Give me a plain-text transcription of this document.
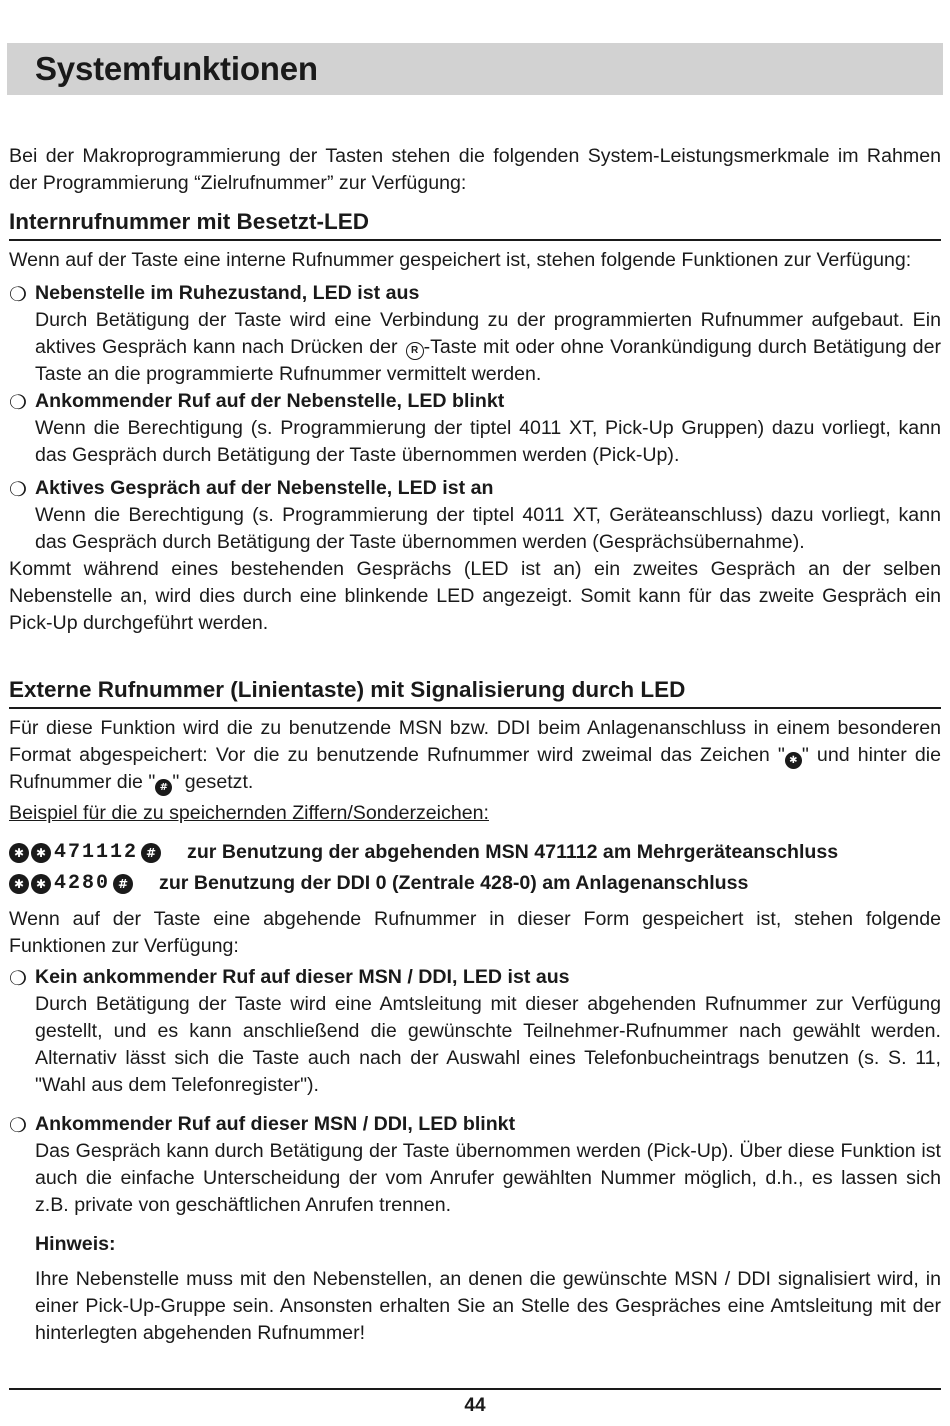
Systemfunktionen

Bei der Makroprogrammierung der Tasten stehen die folgenden System-Leistungsmerkmale im Rahmen der Programmierung “Zielrufnummer” zur Verfügung:

Internrufnummer mit Besetzt-LED

Wenn auf der Taste eine interne Rufnummer gespeichert ist, stehen folgende Funktionen zur Verfügung:

❍ Nebenstelle im Ruhezustand, LED ist aus

Durch Betätigung der Taste wird eine Verbindung zu der programmierten Rufnummer aufgebaut. Ein aktives Gespräch kann nach Drücken der R -Taste mit oder ohne Vorankündigung durch Betätigung der Taste an die programmierte Rufnummer vermittelt werden.

❍ Ankommender Ruf auf der Nebenstelle, LED blinkt

Wenn die Berechtigung (s. Programmierung der tiptel 4011 XT, Pick-Up Gruppen) dazu vorliegt, kann das Gespräch durch Betätigung der Taste übernommen werden (Pick-Up).

❍ Aktives Gespräch auf der Nebenstelle, LED ist an

Wenn die Berechtigung (s. Programmierung der tiptel 4011 XT, Geräteanschluss) dazu vorliegt, kann das Gespräch durch Betätigung der Taste übernommen werden (Gesprächsübernahme).

Kommt während eines bestehenden Gesprächs (LED ist an) ein zweites Gespräch an der selben Nebenstelle an, wird dies durch eine blinkende LED angezeigt. Somit kann für das zweite Gespräch ein Pick-Up durchgeführt werden.

Externe Rufnummer (Linientaste) mit Signalisierung durch LED

Für diese Funktion wird die zu benutzende MSN bzw. DDI beim Anlagenanschluss in einem besonderen Format abgespeichert: Vor die zu benutzende Rufnummer wird zweimal das Zeichen " ✱ " und hinter die Rufnummer die " # " gesetzt.

Beispiel für die zu speichernden Ziffern/Sonderzeichen:

✱ ✱ 471112 # zur Benutzung der abgehenden MSN 471112 am Mehrgeräteanschluss
✱ ✱ 4280 # zur Benutzung der DDI 0 (Zentrale 428-0) am Anlagenanschluss

Wenn auf der Taste eine abgehende Rufnummer in dieser Form gespeichert ist, stehen folgende Funktionen zur Verfügung:

❍ Kein ankommender Ruf auf dieser MSN / DDI, LED ist aus

Durch Betätigung der Taste wird eine Amtsleitung mit dieser abgehenden Rufnummer zur Verfügung gestellt, und es kann anschließend die gewünschte Teilnehmer-Rufnummer nach gewählt werden. Alternativ lässt sich die Taste auch nach der Auswahl eines Telefonbucheintrags benutzen (s. S. 11, "Wahl aus dem Telefonregister").

❍ Ankommender Ruf auf dieser MSN / DDI, LED blinkt

Das Gespräch kann durch Betätigung der Taste übernommen werden (Pick-Up). Über diese Funktion ist auch die einfache Unterscheidung der vom Anrufer gewählten Nummer möglich, d.h., es lassen sich z.B. private von geschäftlichen Anrufen trennen.

Hinweis:

Ihre Nebenstelle muss mit den Nebenstellen, an denen die gewünschte MSN / DDI signalisiert wird, in einer Pick-Up-Gruppe sein. Ansonsten erhalten Sie an Stelle des Gespräches eine Amtsleitung mit der hinterlegten abgehenden Rufnummer!

44
